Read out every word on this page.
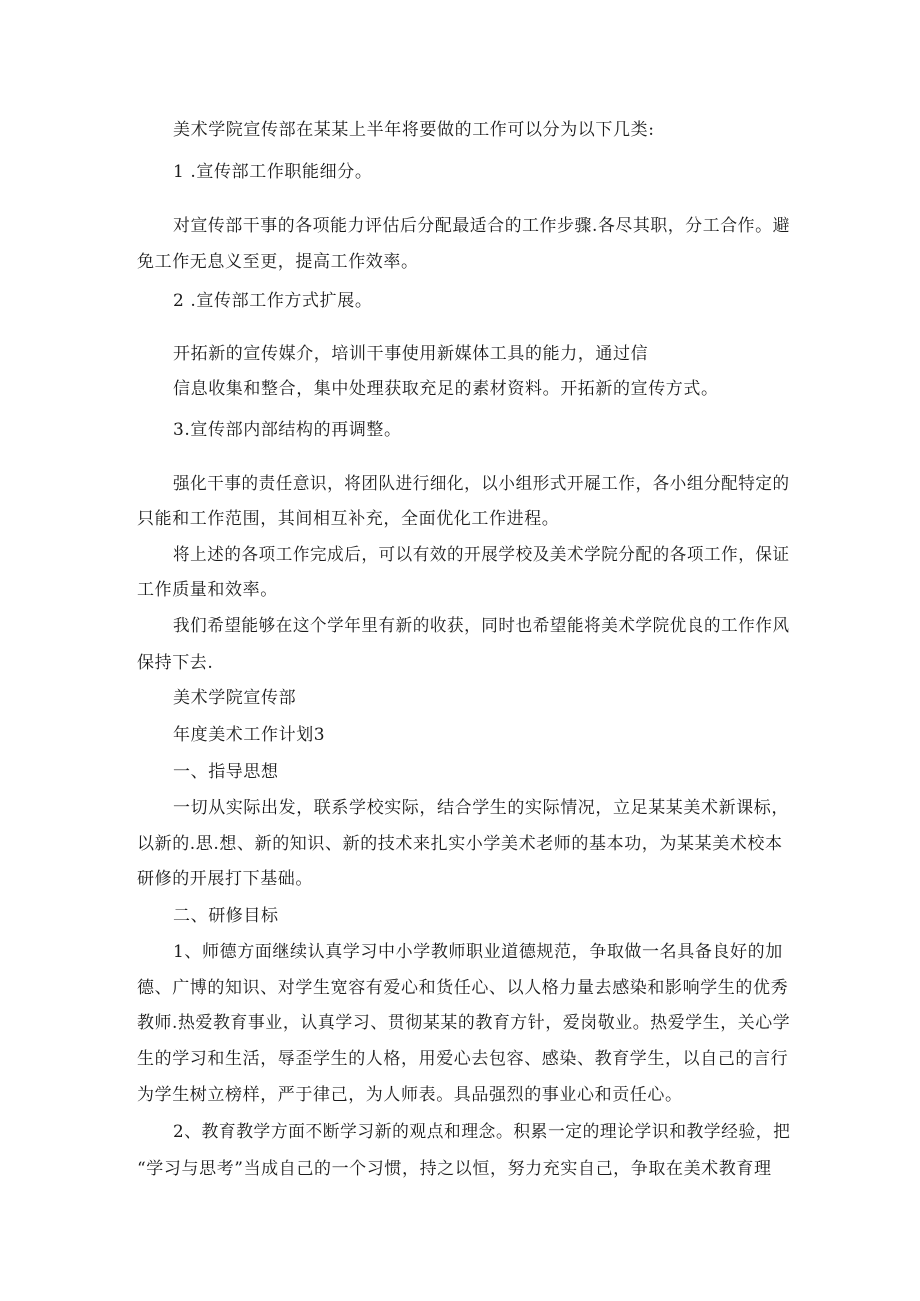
美术学院宣传部在某某上半年将要做的工作可以分为以下几类:
1 .宣传部工作职能细分。
对宣传部干事的各项能力评估后分配最适合的工作步骤.各尽其职，分工合作。避
免工作无息义至更，提高工作效率。
2 .宣传部工作方式扩展。
开拓新的宣传媒介，培训干事使用新媒体工具的能力，通过信
信息收集和整合，集中处理获取充足的素材资料。开拓新的宣传方式。
3.宣传部内部结构的再调整。
强化干事的责任意识，将团队进行细化，以小组形式开屣工作，各小组分配特定的
只能和工作范围，其间相互补充，全面优化工作进程。
将上述的各项工作完成后，可以有效的开展学校及美术学院分配的各项工作，保证
工作质量和效率。
我们希望能够在这个学年里有新的收获，同时也希望能将美术学院优良的工作作风
保持下去.
美术学院宣传部
年度美术工作计划3
一、指导思想
一切从实际出发，联系学校实际，结合学生的实际情况，立足某某美术新课标，
以新的.思.想、新的知识、新的技术来扎实小学美术老师的基本功，为某某美术校本
研修的开展打下基础。
二、研修目标
1、师德方面继续认真学习中小学教师职业道德规范，争取做一名具备良好的加
德、广博的知识、对学生宽容有爱心和货任心、以人格力量去感染和影响学生的优秀
教师.热爱教育事业，认真学习、贯彻某某的教育方针，爱岗敬业。热爱学生，关心学
生的学习和生活，辱歪学生的人格，用爱心去包容、感染、教育学生，以自己的言行
为学生树立榜样，严于律己，为人师表。具品强烈的事业心和贡任心。
2、教育教学方面不断学习新的观点和理念。积累一定的理论学识和教学经验，把
“学习与思考”当成自己的一个习惯，持之以恒，努力充实自己，争取在美术教育理
